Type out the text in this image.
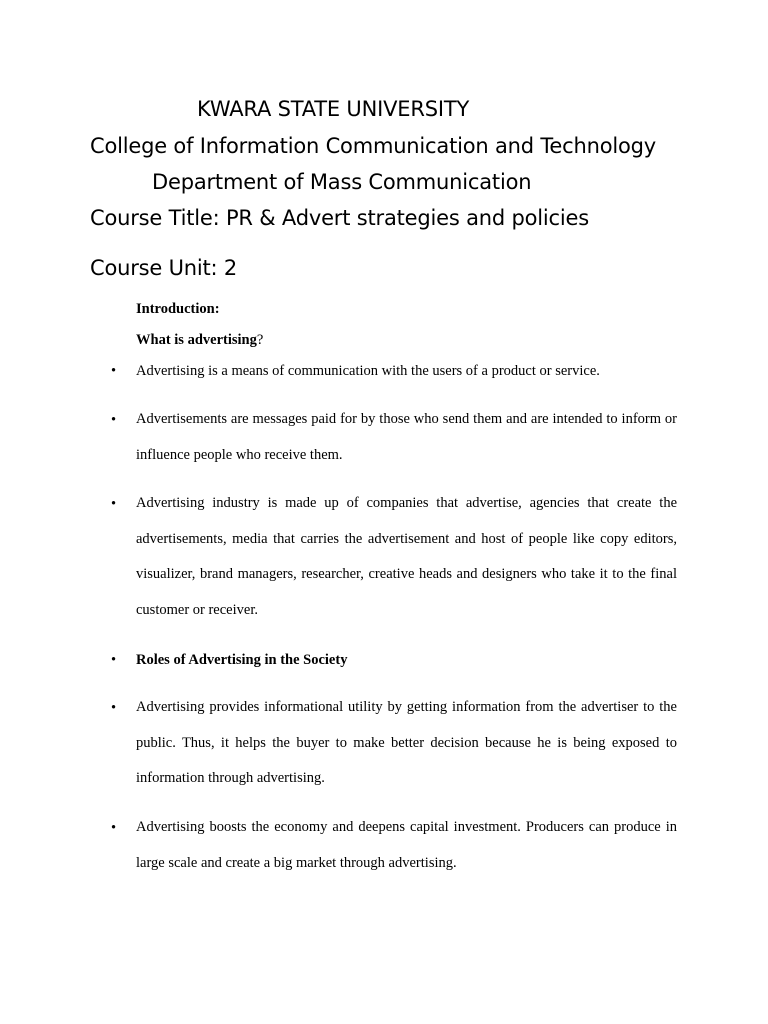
KWARA STATE UNIVERSITY
College of Information Communication and Technology
Department of Mass Communication
Course Title: PR & Advert strategies and policies
Course Unit: 2
Introduction:
What is advertising?
• Advertising is a means of communication with the users of a product or service.
• Advertisements are messages paid for by those who send them and are intended to inform or influence people who receive them.
• Advertising industry is made up of companies that advertise, agencies that create the advertisements, media that carries the advertisement and host of people like copy editors, visualizer, brand managers, researcher, creative heads and designers who take it to the final customer or receiver.
• Roles of Advertising in the Society
• Advertising provides informational utility by getting information from the advertiser to the public. Thus, it helps the buyer to make better decision because he is being exposed to information through advertising.
• Advertising boosts the economy and deepens capital investment. Producers can produce in large scale and create a big market through advertising.
